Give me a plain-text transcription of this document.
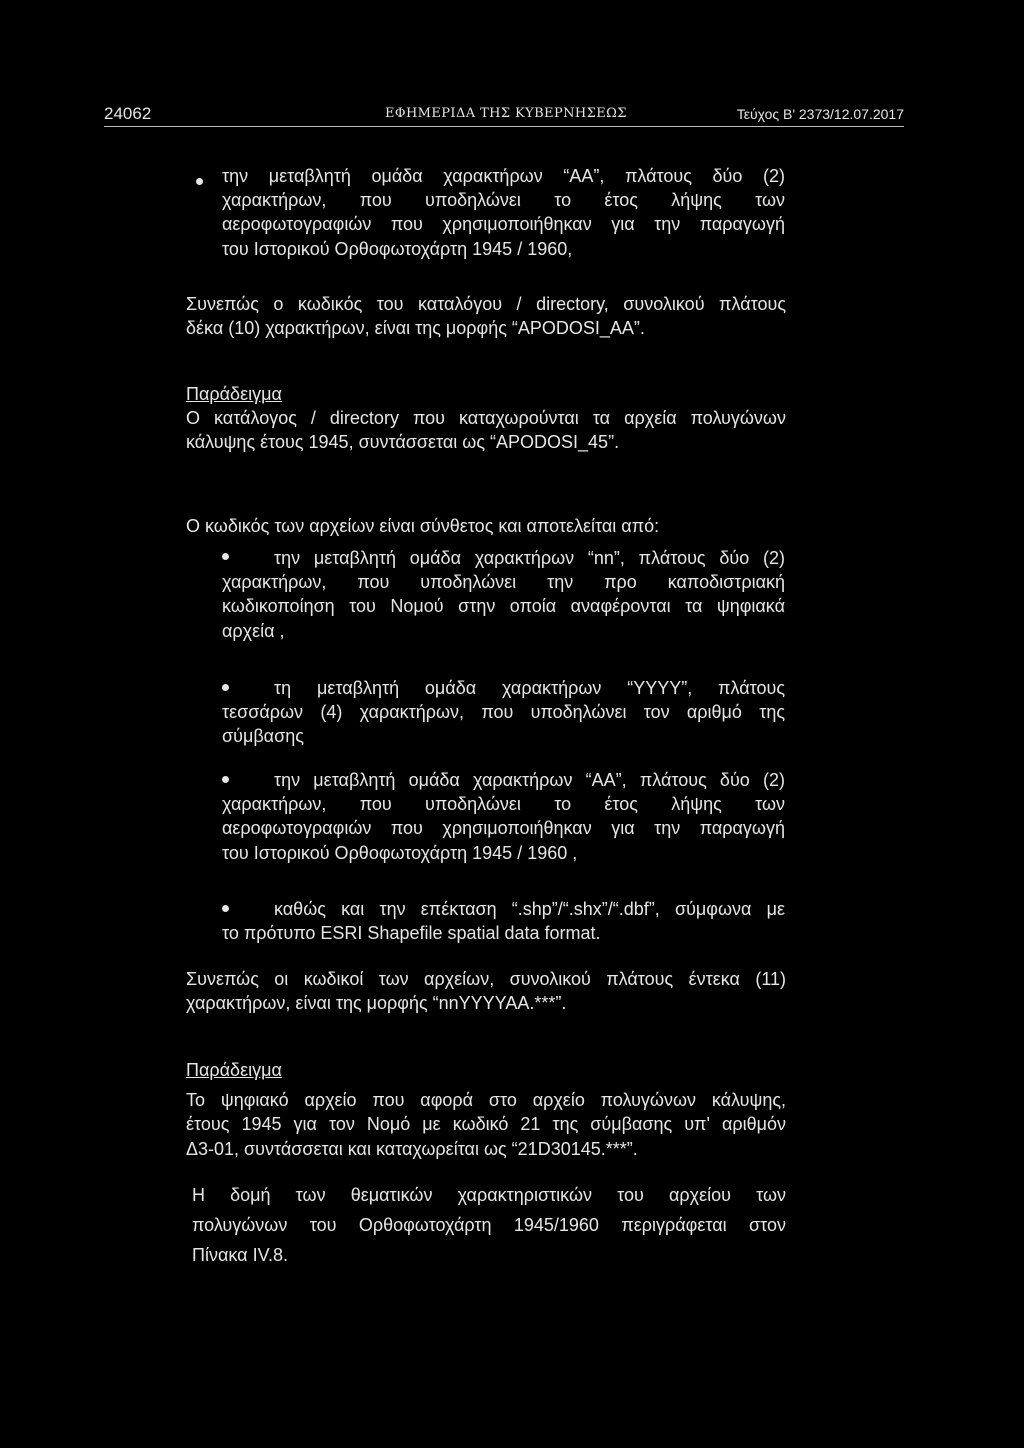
24062	ΕΦΗΜΕΡΙΔΑ ΤΗΣ ΚΥΒΕΡΝΗΣΕΩΣ	Τεύχος Β' 2373/12.07.2017
την μεταβλητή ομάδα χαρακτήρων “ΑΑ”, πλάτους δύο (2)
χαρακτήρων, που υποδηλώνει το έτος λήψης των
αεροφωτογραφιών που χρησιμοποιήθηκαν για την παραγωγή
του Ιστορικού Ορθοφωτοχάρτη 1945 / 1960,
Συνεπώς ο κωδικός του καταλόγου / directory, συνολικού πλάτους
δέκα (10) χαρακτήρων, είναι της μορφής “APODOSI_AA”.
Παράδειγμα
Ο κατάλογος / directory που καταχωρούνται τα αρχεία πολυγώνων
κάλυψης έτους 1945, συντάσσεται ως “APODOSI_45”.
Ο κωδικός των αρχείων είναι σύνθετος και αποτελείται από:
την μεταβλητή ομάδα χαρακτήρων “nn”, πλάτους δύο (2)
χαρακτήρων, που υποδηλώνει την προ καποδιστριακή
κωδικοποίηση του Νομού στην οποία αναφέρονται τα ψηφιακά
αρχεία ,
τη μεταβλητή ομάδα χαρακτήρων “YYYY”, πλάτους
τεσσάρων (4) χαρακτήρων, που υποδηλώνει τον αριθμό της
σύμβασης
την μεταβλητή ομάδα χαρακτήρων “ΑΑ”, πλάτους δύο (2)
χαρακτήρων, που υποδηλώνει το έτος λήψης των
αεροφωτογραφιών που χρησιμοποιήθηκαν για την παραγωγή
του Ιστορικού Ορθοφωτοχάρτη 1945 / 1960 ,
καθώς και την επέκταση “.shp”/“.shx”/“.dbf”, σύμφωνα με
το πρότυπο ESRI Shapefile spatial data format.
Συνεπώς οι κωδικοί των αρχείων, συνολικού πλάτους έντεκα (11)
χαρακτήρων, είναι της μορφής “nnYYYYAA.***”.
Παράδειγμα
Το ψηφιακό αρχείο που αφορά στο αρχείο πολυγώνων κάλυψης,
έτους 1945 για τον Νομό με κωδικό 21 της σύμβασης υπ' αριθμόν
Δ3-01, συντάσσεται και καταχωρείται ως “21D30145.***”.
Η δομή των θεματικών χαρακτηριστικών του αρχείου των
πολυγώνων του Ορθοφωτοχάρτη 1945/1960 περιγράφεται στον
Πίνακα IV.8.
